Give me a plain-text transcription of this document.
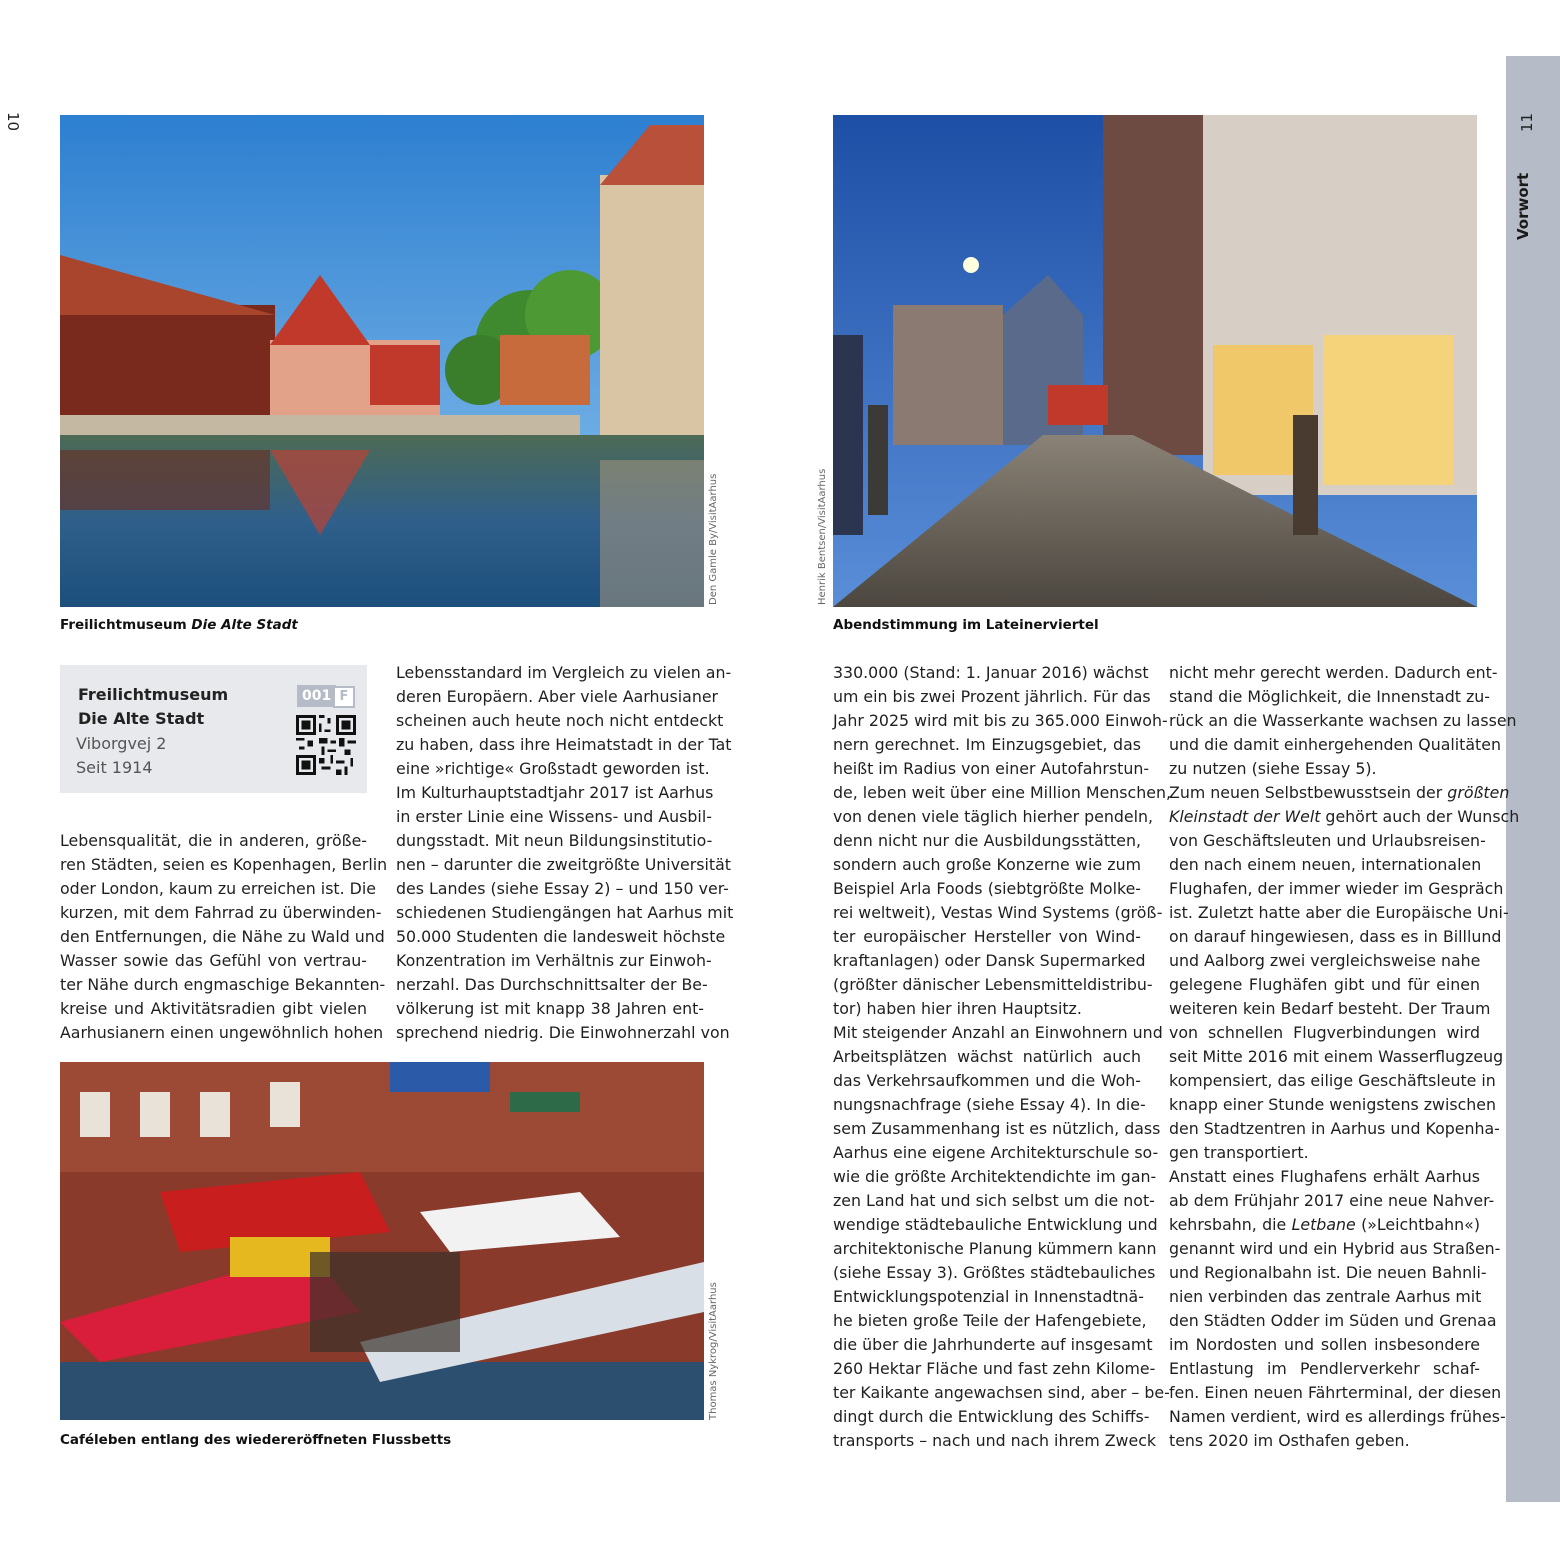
10	11
Vorwort
Den Gamle By/VisitAarhus
Freilichtmuseum Die Alte Stadt
Henrik Bentsen/VisitAarhus
Abendstimmung im Lateinerviertel
Freilichtmuseum
Die Alte Stadt
Viborgvej 2
Seit 1914
001 F
Lebensqualität, die in anderen, größe-
ren Städten, seien es Kopenhagen, Berlin
oder London, kaum zu erreichen ist. Die
kurzen, mit dem Fahrrad zu überwinden-
den Entfernungen, die Nähe zu Wald und
Wasser sowie das Gefühl von vertrau-
ter Nähe durch engmaschige Bekannten-
kreise und Aktivitätsradien gibt vielen
Aarhusianern einen ungewöhnlich hohen
Lebensstandard im Vergleich zu vielen an-
deren Europäern. Aber viele Aarhusianer
scheinen auch heute noch nicht entdeckt
zu haben, dass ihre Heimatstadt in der Tat
eine »richtige« Großstadt geworden ist.
Im Kulturhauptstadtjahr 2017 ist Aarhus
in erster Linie eine Wissens- und Ausbil-
dungsstadt. Mit neun Bildungsinstitutio-
nen – darunter die zweitgrößte Universität
des Landes (siehe Essay 2) – und 150 ver-
schiedenen Studiengängen hat Aarhus mit
50.000 Studenten die landesweit höchste
Konzentration im Verhältnis zur Einwoh-
nerzahl. Das Durchschnittsalter der Be-
völkerung ist mit knapp 38 Jahren ent-
sprechend niedrig. Die Einwohnerzahl von
Thomas Nykrog/VisitAarhus
Caféleben entlang des wiedereröffneten Flussbetts
330.000 (Stand: 1. Januar 2016) wächst
um ein bis zwei Prozent jährlich. Für das
Jahr 2025 wird mit bis zu 365.000 Einwoh-
nern gerechnet. Im Einzugsgebiet, das
heißt im Radius von einer Autofahrstun-
de, leben weit über eine Million Menschen,
von denen viele täglich hierher pendeln,
denn nicht nur die Ausbildungsstätten,
sondern auch große Konzerne wie zum
Beispiel Arla Foods (siebtgrößte Molke-
rei weltweit), Vestas Wind Systems (größ-
ter europäischer Hersteller von Wind-
kraftanlagen) oder Dansk Supermarked
(größter dänischer Lebensmitteldistribu-
tor) haben hier ihren Hauptsitz.
Mit steigender Anzahl an Einwohnern und
Arbeitsplätzen wächst natürlich auch
das Verkehrsaufkommen und die Woh-
nungsnachfrage (siehe Essay 4). In die-
sem Zusammenhang ist es nützlich, dass
Aarhus eine eigene Architekturschule so-
wie die größte Architektendichte im gan-
zen Land hat und sich selbst um die not-
wendige städtebauliche Entwicklung und
architektonische Planung kümmern kann
(siehe Essay 3). Größtes städtebauliches
Entwicklungspotenzial in Innenstadtnä-
he bieten große Teile der Hafengebiete,
die über die Jahrhunderte auf insgesamt
260 Hektar Fläche und fast zehn Kilome-
ter Kaikante angewachsen sind, aber – be-
dingt durch die Entwicklung des Schiffs-
transports – nach und nach ihrem Zweck
nicht mehr gerecht werden. Dadurch ent-
stand die Möglichkeit, die Innenstadt zu-
rück an die Wasserkante wachsen zu lassen
und die damit einhergehenden Qualitäten
zu nutzen (siehe Essay 5).
Zum neuen Selbstbewusstsein der größten
Kleinstadt der Welt gehört auch der Wunsch
von Geschäftsleuten und Urlaubsreisen-
den nach einem neuen, internationalen
Flughafen, der immer wieder im Gespräch
ist. Zuletzt hatte aber die Europäische Uni-
on darauf hingewiesen, dass es in Billlund
und Aalborg zwei vergleichsweise nahe
gelegene Flughäfen gibt und für einen
weiteren kein Bedarf besteht. Der Traum
von schnellen Flugverbindungen wird
seit Mitte 2016 mit einem Wasserflugzeug
kompensiert, das eilige Geschäftsleute in
knapp einer Stunde wenigstens zwischen
den Stadtzentren in Aarhus und Kopenha-
gen transportiert.
Anstatt eines Flughafens erhält Aarhus
ab dem Frühjahr 2017 eine neue Nahver-
kehrsbahn, die Letbane (»Leichtbahn«)
genannt wird und ein Hybrid aus Straßen-
und Regionalbahn ist. Die neuen Bahnli-
nien verbinden das zentrale Aarhus mit
den Städten Odder im Süden und Grenaa
im Nordosten und sollen insbesondere
Entlastung im Pendlerverkehr schaf-
fen. Einen neuen Fährterminal, der diesen
Namen verdient, wird es allerdings frühes-
tens 2020 im Osthafen geben.
